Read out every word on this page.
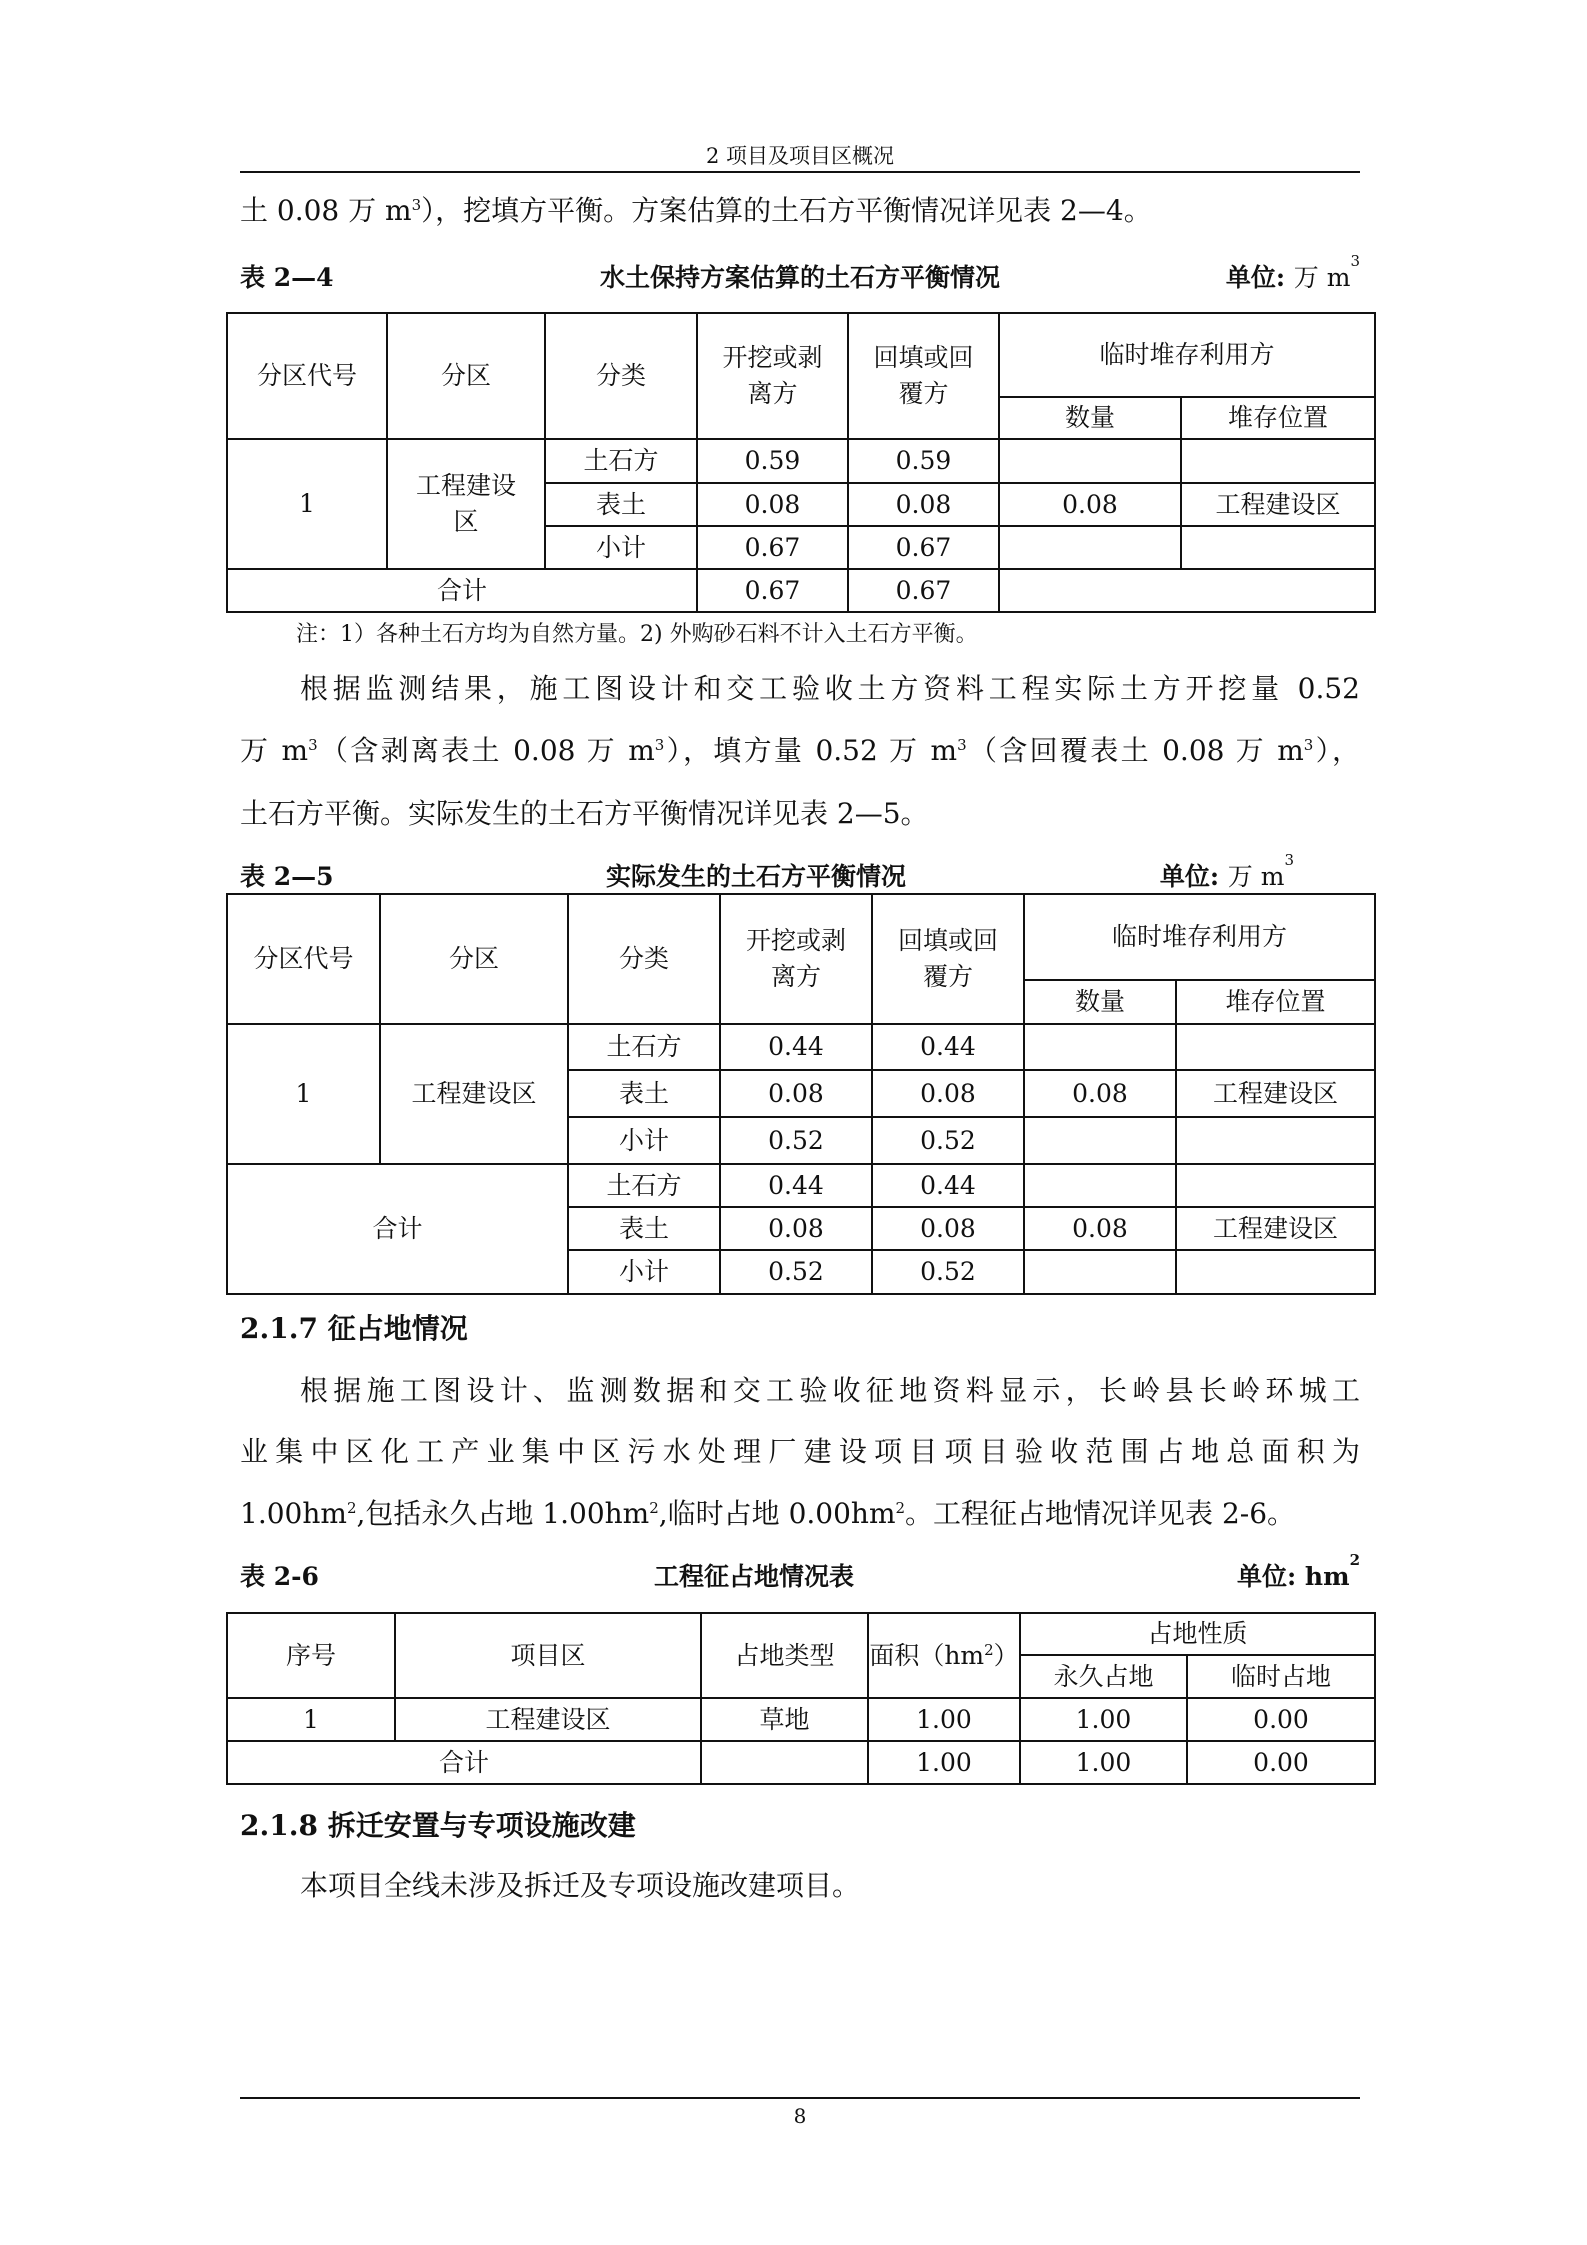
2 项目及项目区概况
土 0.08 万 $m^3$），挖填方平衡。方案估算的土石方平衡情况详见表 2—4。
表 2—4	水土保持方案估算的土石方平衡情况	单位: 万 $m^3$
分区代号	分区	分类	开挖或剥离方	回填或回覆方	临时堆存利用方	
					数量	堆存位置
1	工程建设区	土石方	0.59	0.59		
		表土	0.08	0.08	0.08	工程建设区
		小计	0.67	0.67		
合计			0.67	0.67		
注：1）各种土石方均为自然方量。2) 外购砂石料不计入土石方平衡。
根据监测结果，施工图设计和交工验收土方资料工程实际土方开挖量 0.52
万 $m^3$（含剥离表土 0.08 万 $m^3$），填方量 0.52 万 $m^3$（含回覆表土 0.08 万 $m^3$），
土石方平衡。实际发生的土石方平衡情况详见表 2—5。
表 2—5	实际发生的土石方平衡情况	单位: 万 $m^3$
分区代号	分区	分类	开挖或剥离方	回填或回覆方	临时堆存利用方	
					数量	堆存位置
1	工程建设区	土石方	0.44	0.44		
		表土	0.08	0.08	0.08	工程建设区
		小计	0.52	0.52		
合计		土石方	0.44	0.44		
		表土	0.08	0.08	0.08	工程建设区
		小计	0.52	0.52		
2.1.7 征占地情况
根据施工图设计、监测数据和交工验收征地资料显示，长岭县长岭环城工
业集中区化工产业集中区污水处理厂建设项目项目验收范围占地总面积为
$1.00hm^2$,包括永久占地 $1.00hm^2$,临时占地 $0.00hm^2$。工程征占地情况详见表 2-6。
表 2-6	工程征占地情况表	单位: $hm^2$
序号	项目区	占地类型	面积$(hm^2)$	占地性质	
				永久占地	临时占地
1	工程建设区	草地	1.00	1.00	0.00
合计			1.00	1.00	0.00
2.1.8 拆迁安置与专项设施改建
本项目全线未涉及拆迁及专项设施改建项目。
8
